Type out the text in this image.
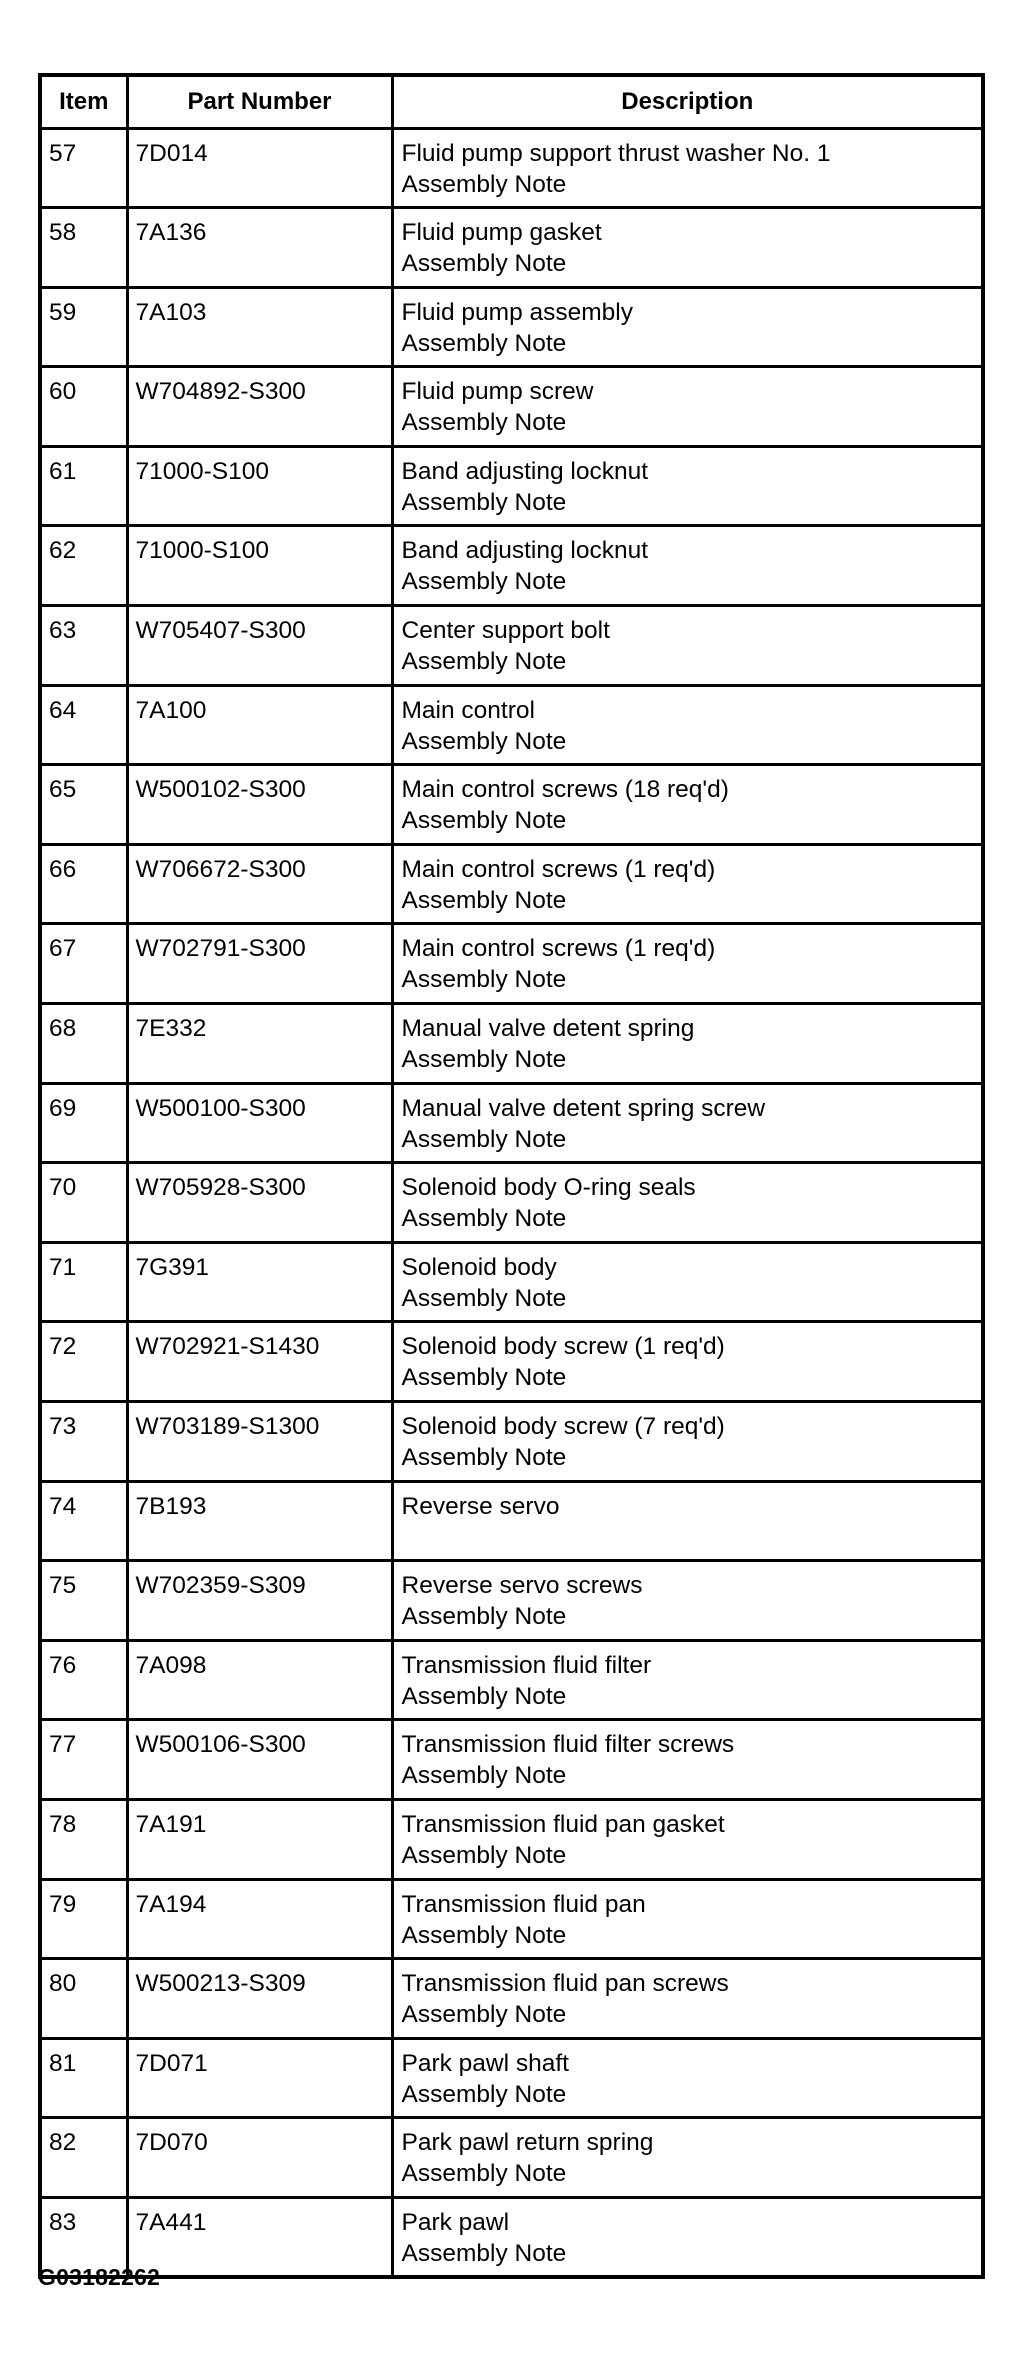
Item	Part Number	Description
57	7D014	Fluid pump support thrust washer No. 1
Assembly Note

58	7A136	Fluid pump gasket
Assembly Note

59	7A103	Fluid pump assembly
Assembly Note

60	W704892-S300	Fluid pump screw
Assembly Note

61	71000-S100	Band adjusting locknut
Assembly Note

62	71000-S100	Band adjusting locknut
Assembly Note

63	W705407-S300	Center support bolt
Assembly Note

64	7A100	Main control
Assembly Note

65	W500102-S300	Main control screws (18 req'd)
Assembly Note

66	W706672-S300	Main control screws (1 req'd)
Assembly Note

67	W702791-S300	Main control screws (1 req'd)
Assembly Note

68	7E332	Manual valve detent spring
Assembly Note

69	W500100-S300	Manual valve detent spring screw
Assembly Note

70	W705928-S300	Solenoid body O-ring seals
Assembly Note

71	7G391	Solenoid body
Assembly Note

72	W702921-S1430	Solenoid body screw (1 req'd)
Assembly Note

73	W703189-S1300	Solenoid body screw (7 req'd)
Assembly Note

74	7B193	Reverse servo

75	W702359-S309	Reverse servo screws
Assembly Note

76	7A098	Transmission fluid filter
Assembly Note

77	W500106-S300	Transmission fluid filter screws
Assembly Note

78	7A191	Transmission fluid pan gasket
Assembly Note

79	7A194	Transmission fluid pan
Assembly Note

80	W500213-S309	Transmission fluid pan screws
Assembly Note

81	7D071	Park pawl shaft
Assembly Note

82	7D070	Park pawl return spring
Assembly Note

83	7A441	Park pawl
Assembly Note
G03182262
